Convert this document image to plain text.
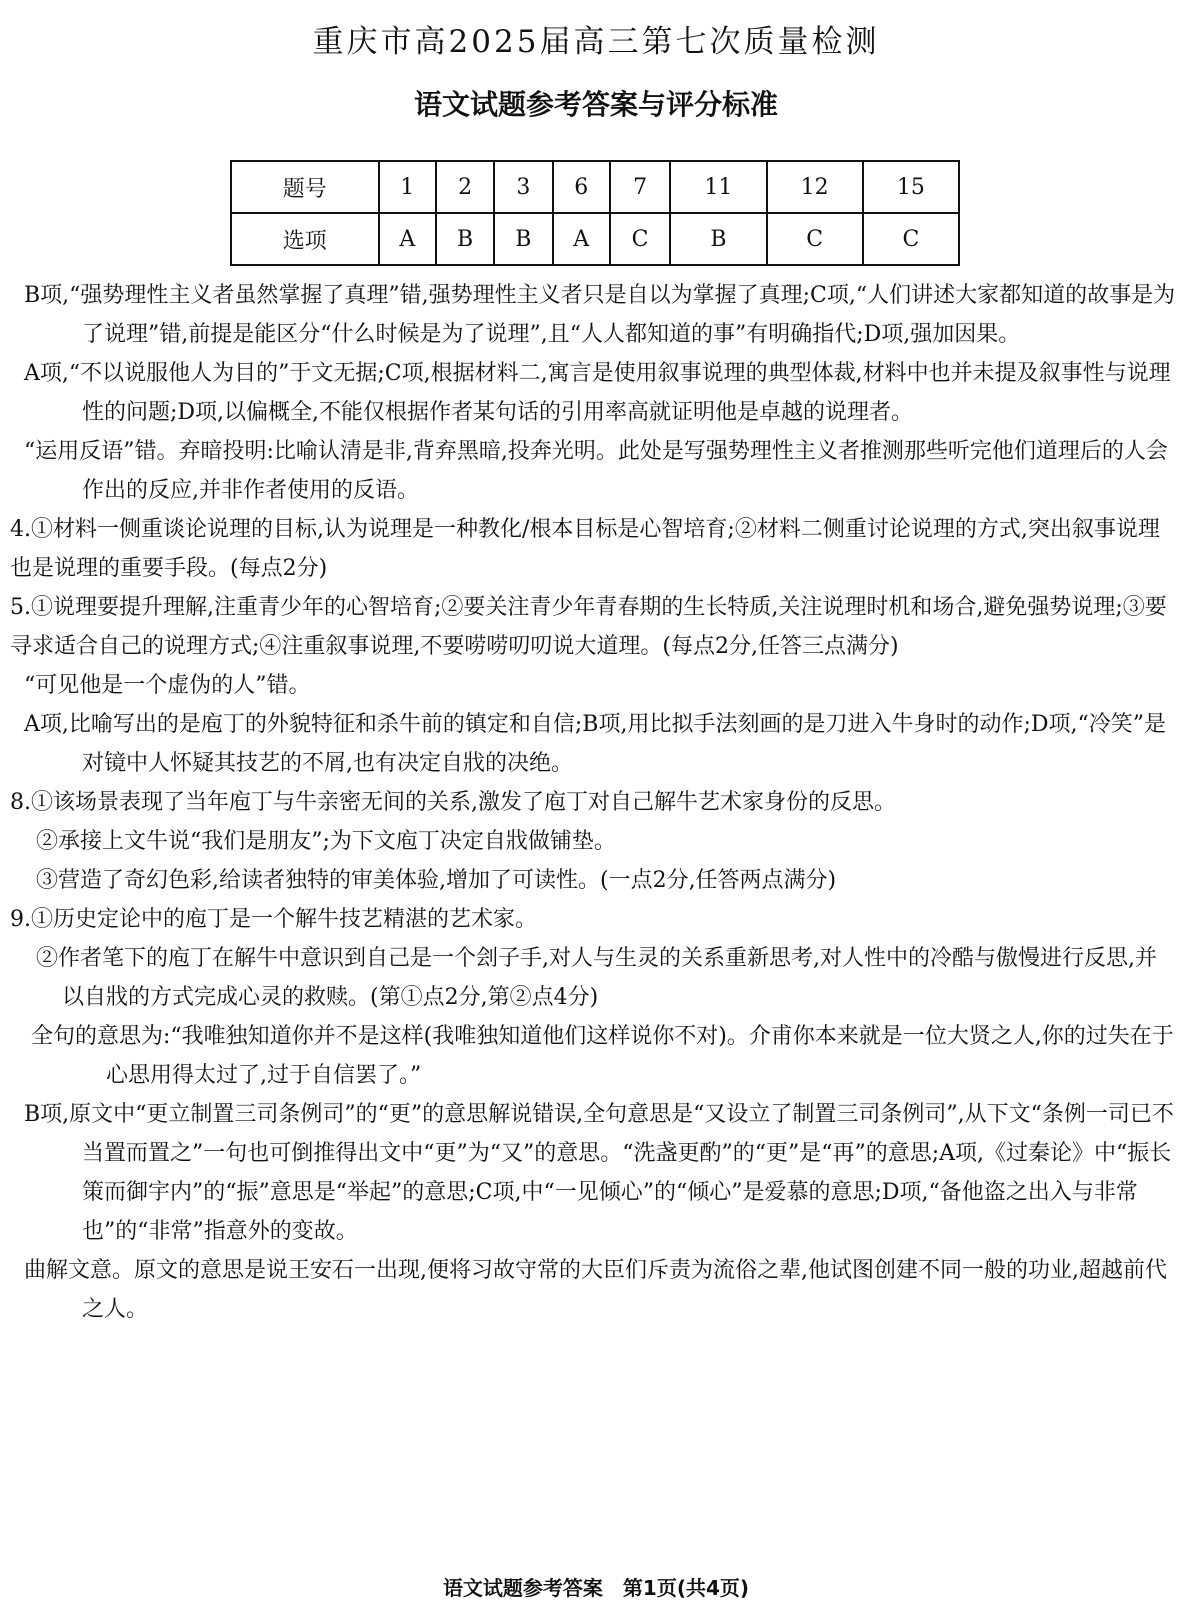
重庆市高2025届高三第七次质量检测
语文试题参考答案与评分标准
题号	1	2	3	6	7	11	12	15
选项	A	B	B	A	C	B	C	C
B项,“强势理性主义者虽然掌握了真理”错,强势理性主义者只是自以为掌握了真理;C项,“人们讲述大家都知道的故事是为了说理”错,前提是能区分“什么时候是为了说理”,且“人人都知道的事”有明确指代;D项,强加因果。
A项,“不以说服他人为目的”于文无据;C项,根据材料二,寓言是使用叙事说理的典型体裁,材料中也并未提及叙事性与说理性的问题;D项,以偏概全,不能仅根据作者某句话的引用率高就证明他是卓越的说理者。
“运用反语”错。弃暗投明:比喻认清是非,背弃黑暗,投奔光明。此处是写强势理性主义者推测那些听完他们道理后的人会作出的反应,并非作者使用的反语。
4.①材料一侧重谈论说理的目标,认为说理是一种教化/根本目标是心智培育;②材料二侧重讨论说理的方式,突出叙事说理也是说理的重要手段。(每点2分)
5.①说理要提升理解,注重青少年的心智培育;②要关注青少年青春期的生长特质,关注说理时机和场合,避免强势说理;③要寻求适合自己的说理方式;④注重叙事说理,不要唠唠叨叨说大道理。(每点2分,任答三点满分)
“可见他是一个虚伪的人”错。
A项,比喻写出的是庖丁的外貌特征和杀牛前的镇定和自信;B项,用比拟手法刻画的是刀进入牛身时的动作;D项,“冷笑”是对镜中人怀疑其技艺的不屑,也有决定自戕的决绝。

8.①该场景表现了当年庖丁与牛亲密无间的关系,激发了庖丁对自己解牛艺术家身份的反思。

②承接上文牛说“我们是朋友”;为下文庖丁决定自戕做铺垫。

③营造了奇幻色彩,给读者独特的审美体验,增加了可读性。(一点2分,任答两点满分)

9.①历史定论中的庖丁是一个解牛技艺精湛的艺术家。

②作者笔下的庖丁在解牛中意识到自己是一个刽子手,对人与生灵的关系重新思考,对人性中的冷酷与傲慢进行反思,并以自戕的方式完成心灵的救赎。(第①点2分,第②点4分)

全句的意思为:“我唯独知道你并不是这样(我唯独知道他们这样说你不对)。介甫你本来就是一位大贤之人,你的过失在于心思用得太过了,过于自信罢了。”
B项,原文中“更立制置三司条例司”的“更”的意思解说错误,全句意思是“又设立了制置三司条例司”,从下文“条例一司已不当置而置之”一句也可倒推得出文中“更”为“又”的意思。“洗盏更酌”的“更”是“再”的意思;A项,《过秦论》中“振长策而御宇内”的“振”意思是“举起”的意思;C项,中“一见倾心”的“倾心”是爱慕的意思;D项,“备他盗之出入与非常也”的“非常”指意外的变故。
曲解文意。原文的意思是说王安石一出现,便将习故守常的大臣们斥责为流俗之辈,他试图创建不同一般的功业,超越前代之人。
语文试题参考答案　第1页(共4页)
